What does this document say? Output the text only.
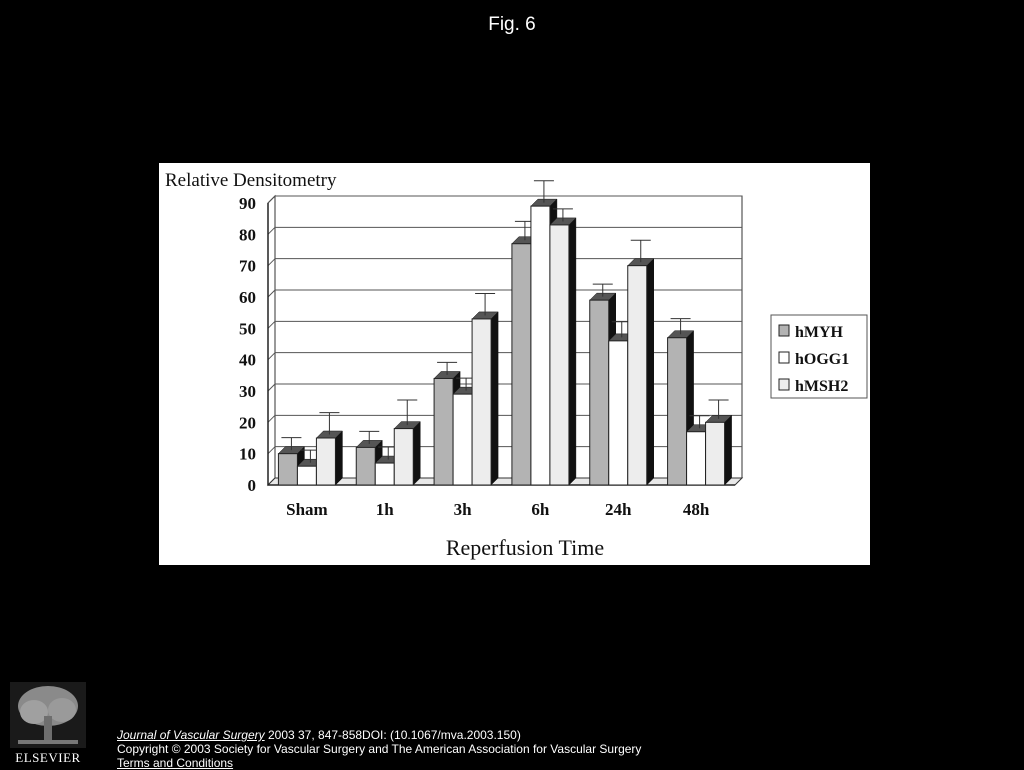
Fig. 6
Relative Densitometry
Reperfusion Time
0
10
20
30
40
50
60
70
80
90
Sham	1h	3h	6h	24h	48h
hMYH
hOGG1
hMSH2
ELSEVIER
Journal of Vascular Surgery 2003 37, 847-858DOI: (10.1067/mva.2003.150)
Copyright © 2003 Society for Vascular Surgery and The American Association for Vascular Surgery
Terms and Conditions
